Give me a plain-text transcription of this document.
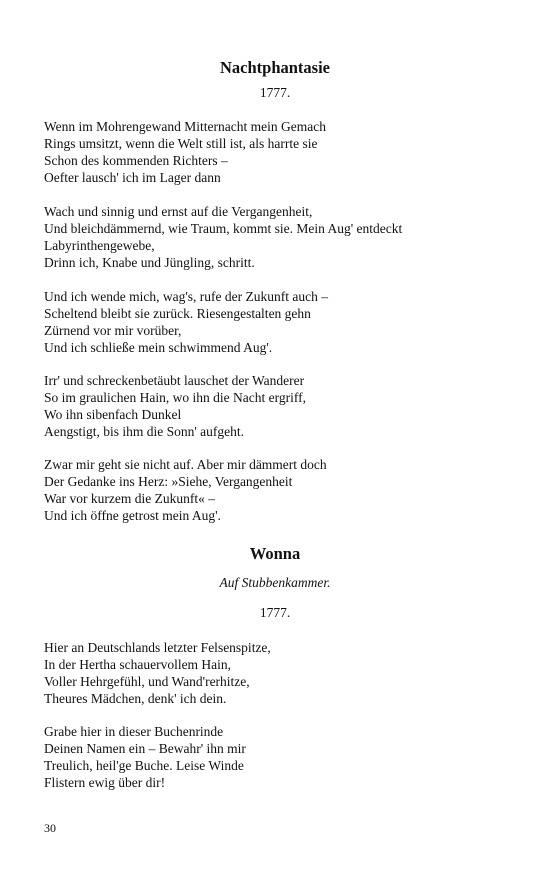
Nachtphantasie
1777.
Wenn im Mohrengewand Mitternacht mein Gemach
Rings umsitzt, wenn die Welt still ist, als harrte sie
Schon des kommenden Richters –
Oefter lausch' ich im Lager dann
Wach und sinnig und ernst auf die Vergangenheit,
Und bleichdämmernd, wie Traum, kommt sie. Mein Aug' entdeckt
Labyrinthengewebe,
Drinn ich, Knabe und Jüngling, schritt.
Und ich wende mich, wag's, rufe der Zukunft auch –
Scheltend bleibt sie zurück. Riesengestalten gehn
Zürnend vor mir vorüber,
Und ich schließe mein schwimmend Aug'.
Irr' und schreckenbetäubt lauschet der Wanderer
So im graulichen Hain, wo ihn die Nacht ergriff,
Wo ihn sibenfach Dunkel
Aengstigt, bis ihm die Sonn' aufgeht.
Zwar mir geht sie nicht auf. Aber mir dämmert doch
Der Gedanke ins Herz: »Siehe, Vergangenheit
War vor kurzem die Zukunft« –
Und ich öffne getrost mein Aug'.
Wonna
Auf Stubbenkammer.
1777.
Hier an Deutschlands letzter Felsenspitze,
In der Hertha schauervollem Hain,
Voller Hehrgefühl, und Wand'rerhitze,
Theures Mädchen, denk' ich dein.
Grabe hier in dieser Buchenrinde
Deinen Namen ein – Bewahr' ihn mir
Treulich, heil'ge Buche. Leise Winde
Flistern ewig über dir!
30
